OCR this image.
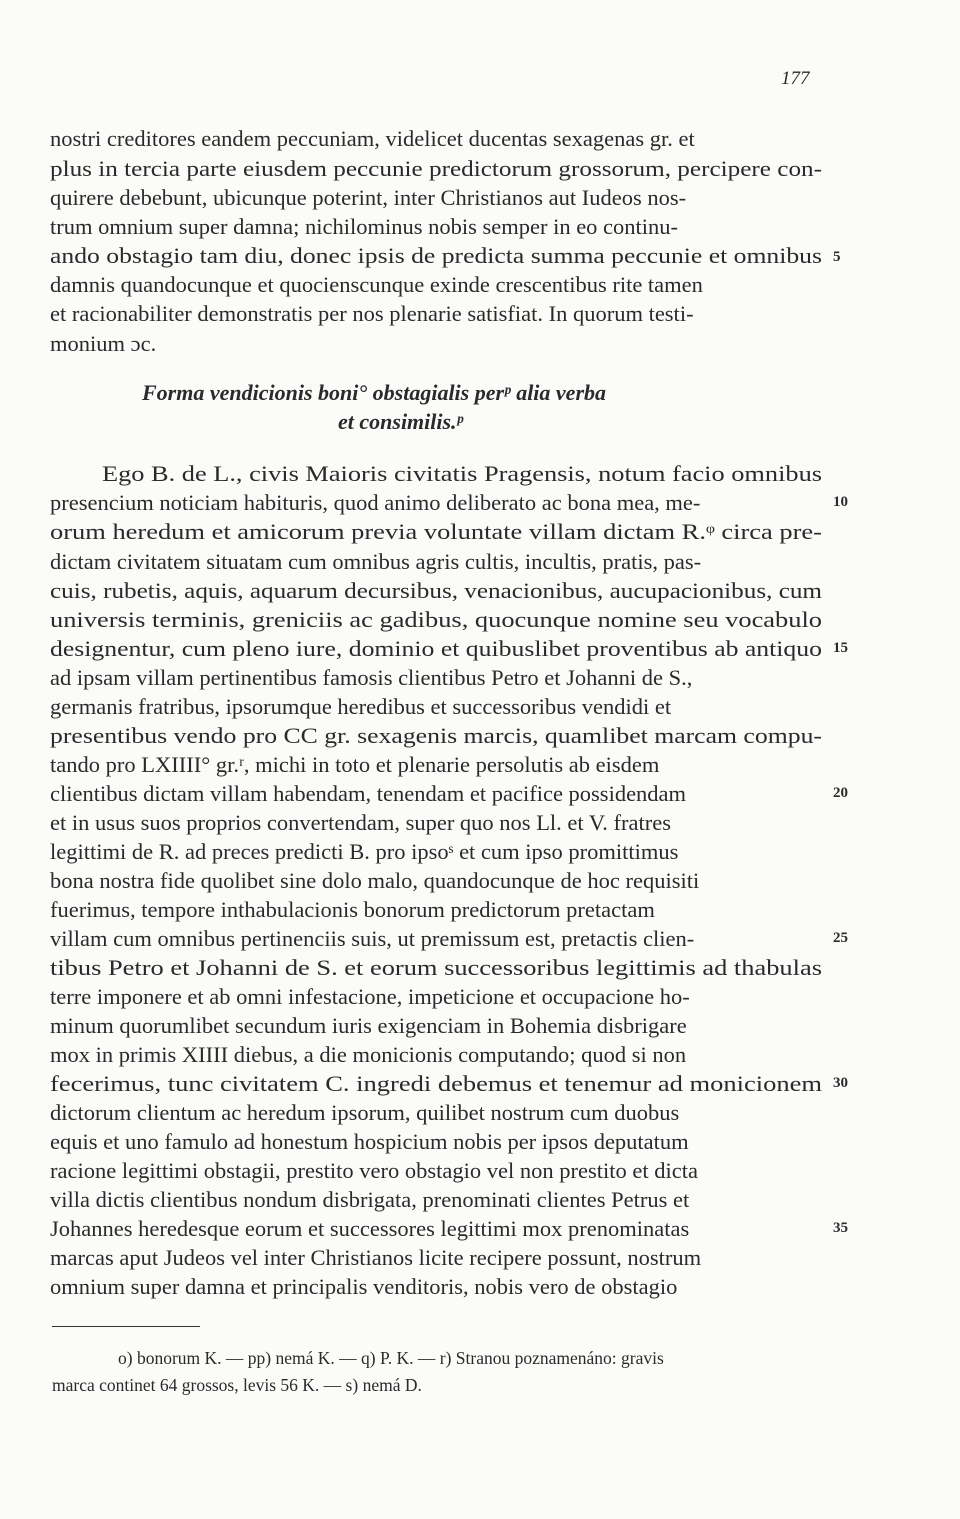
177
nostri creditores eandem peccuniam, videlicet ducentas sexagenas gr. et
plus in tercia parte eiusdem peccunie predictorum grossorum, percipere con-
quirere debebunt, ubicunque poterint, inter Christianos aut Iudeos nos-
trum omnium super damna; nichilominus nobis semper in eo continu-
ando obstagio tam diu, donec ipsis de predicta summa peccunie et omnibus
damnis quandocunque et quocienscunque exinde crescentibus rite tamen
et racionabiliter demonstratis per nos plenarie satisfiat. In quorum testi-
monium ɔc.
Forma vendicionis boni° obstagialis perᵖ alia verba
et consimilis.ᵖ
Ego B. de L., civis Maioris civitatis Pragensis, notum facio omnibus
presencium noticiam habituris, quod animo deliberato ac bona mea, me-
orum heredum et amicorum previa voluntate villam dictam R.ᵠ circa pre-
dictam civitatem situatam cum omnibus agris cultis, incultis, pratis, pas-
cuis, rubetis, aquis, aquarum decursibus, venacionibus, aucupacionibus, cum
universis terminis, greniciis ac gadibus, quocunque nomine seu vocabulo
designentur, cum pleno iure, dominio et quibuslibet proventibus ab antiquo
ad ipsam villam pertinentibus famosis clientibus Petro et Johanni de S.,
germanis fratribus, ipsorumque heredibus et successoribus vendidi et
presentibus vendo pro CC gr. sexagenis marcis, quamlibet marcam compu-
tando pro LXIIII° gr.ʳ, michi in toto et plenarie persolutis ab eisdem
clientibus dictam villam habendam, tenendam et pacifice possidendam
et in usus suos proprios convertendam, super quo nos Ll. et V. fratres
legittimi de R. ad preces predicti B. pro ipsoˢ et cum ipso promittimus
bona nostra fide quolibet sine dolo malo, quandocunque de hoc requisiti
fuerimus, tempore inthabulacionis bonorum predictorum pretactam
villam cum omnibus pertinenciis suis, ut premissum est, pretactis clien-
tibus Petro et Johanni de S. et eorum successoribus legittimis ad thabulas
terre imponere et ab omni infestacione, impeticione et occupacione ho-
minum quorumlibet secundum iuris exigenciam in Bohemia disbrigare
mox in primis XIIII diebus, a die monicionis computando; quod si non
fecerimus, tunc civitatem C. ingredi debemus et tenemur ad monicionem
dictorum clientum ac heredum ipsorum, quilibet nostrum cum duobus
equis et uno famulo ad honestum hospicium nobis per ipsos deputatum
racione legittimi obstagii, prestito vero obstagio vel non prestito et dicta
villa dictis clientibus nondum disbrigata, prenominati clientes Petrus et
Johannes heredesque eorum et successores legittimi mox prenominatas
marcas aput Judeos vel inter Christianos licite recipere possunt, nostrum
omnium super damna et principalis venditoris, nobis vero de obstagio
5
10
15
20
25
30
35
o) bonorum K. — pp) nemá K. — q) P. K. — r) Stranou poznamenáno: gravis
marca continet 64 grossos, levis 56 K. — s) nemá D.
